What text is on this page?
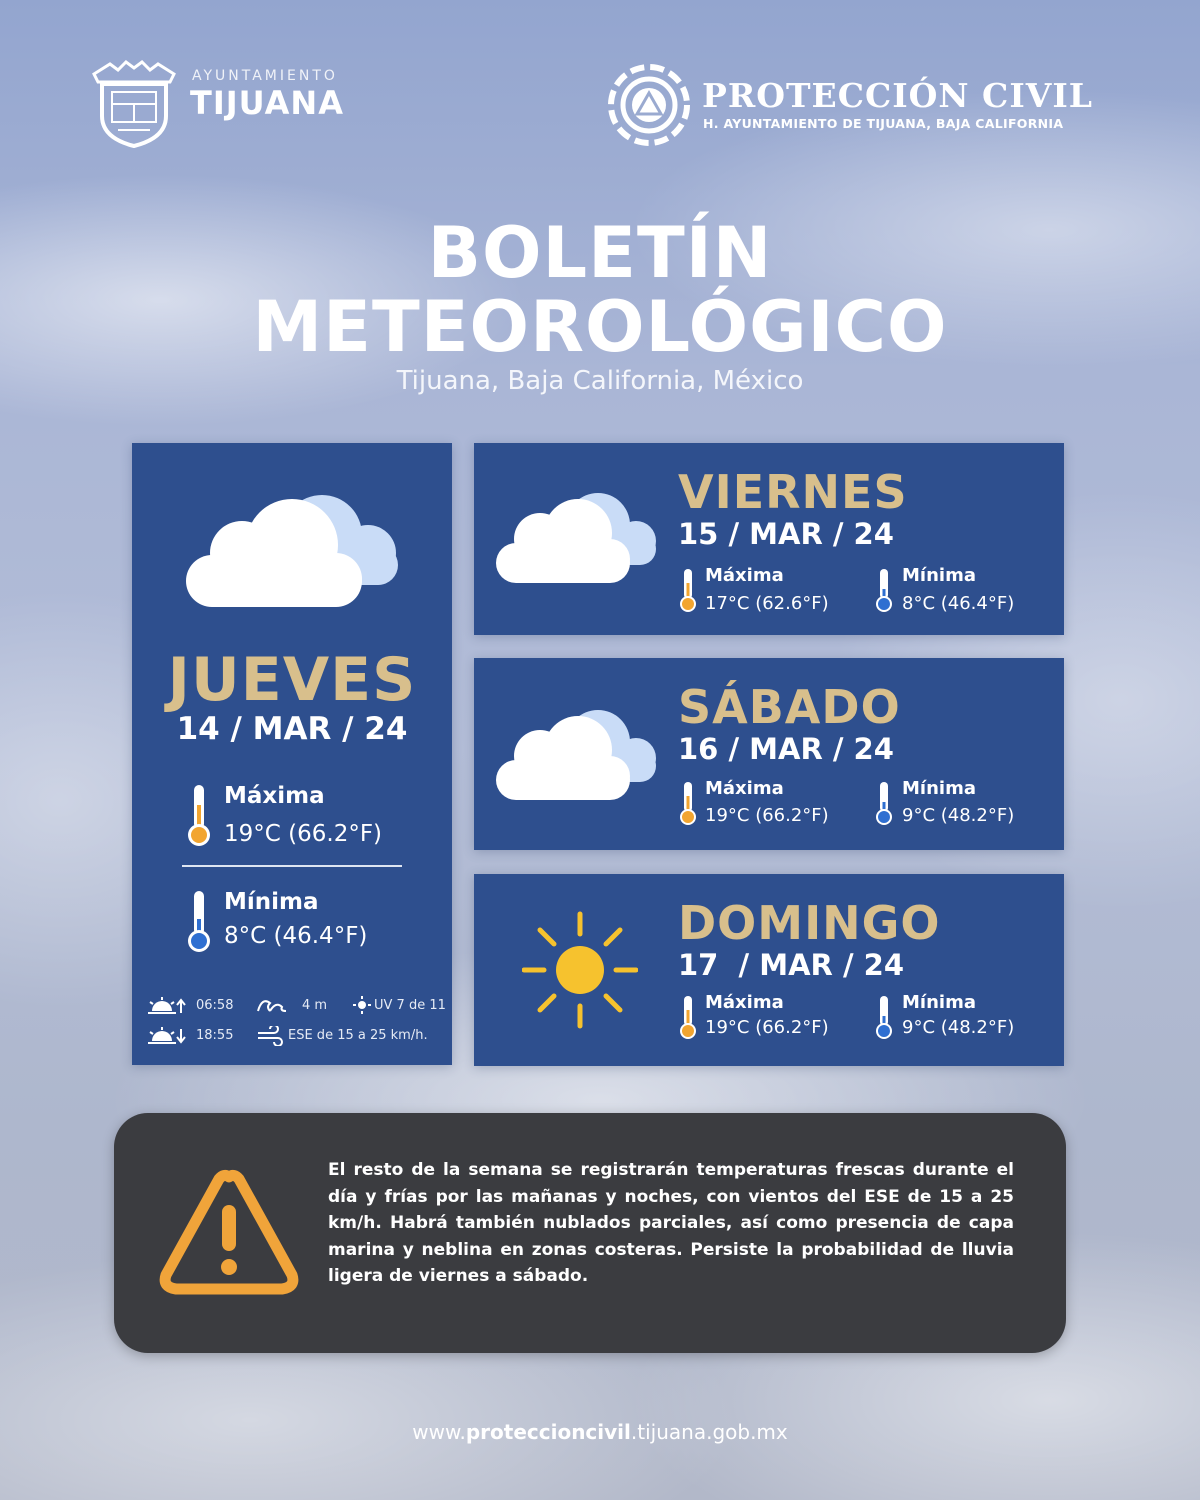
AYUNTAMIENTO
TIJUANA	PROTECCIÓN CIVIL
H. AYUNTAMIENTO DE TIJUANA, BAJA CALIFORNIA
BOLETÍN
METEOROLÓGICO
Tijuana, Baja California, México
JUEVES
14 / MAR / 24
Máxima
19°C (66.2°F)
Mínima
8°C (46.4°F)
06:58	4 m	UV 7 de 11
18:55	ESE de 15 a 25 km/h.
VIERNES
15 / MAR / 24
Máxima
17°C (62.6°F)
Mínima
8°C (46.4°F)
SÁBADO
16 / MAR / 24
Máxima
19°C (66.2°F)
Mínima
9°C (48.2°F)
DOMINGO
17  / MAR / 24
Máxima
19°C (66.2°F)
Mínima
9°C (48.2°F)
El resto de la semana se registrarán temperaturas frescas durante el día y frías por las mañanas y noches, con vientos del ESE de 15 a 25 km/h. Habrá también nublados parciales, así como presencia de capa marina y neblina en zonas costeras. Persiste la probabilidad de lluvia ligera de viernes a sábado.
www.proteccioncivil.tijuana.gob.mx
